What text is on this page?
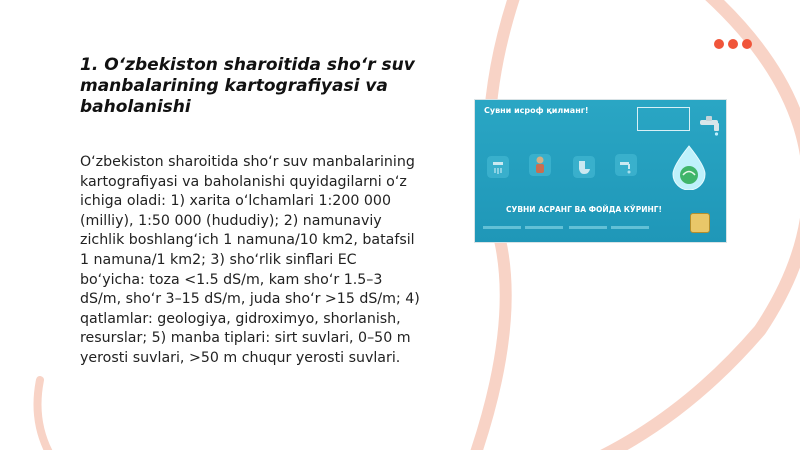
1. O‘zbekiston sharoitida sho‘r suv manbalarining kartografiyasi va baholanishi

O‘zbekiston sharoitida sho‘r suv manbalarining kartografiyasi va baholanishi quyidagilarni o‘z ichiga oladi: 1) xarita o‘lchamlari 1:200 000 (milliy), 1:50 000 (hududiy); 2) namunaviy zichlik boshlang‘ich 1 namuna/10 km2, batafsil 1 namuna/1 km2; 3) sho‘rlik sinflari EC bo‘yicha: toza <1.5 dS/m, kam sho‘r 1.5–3 dS/m, sho‘r 3–15 dS/m, juda sho‘r >15 dS/m; 4) qatlamlar: geologiya, gidroximyo, shorlanish, resurslar; 5) manba tiplari: sirt suvlari, 0–50 m yerosti suvlari, >50 m chuqur yerosti suvlari.

Сувни исроф қилманг!
СУВНИ АСРАНГ ВА ФОЙДА КЎРИНГ!
